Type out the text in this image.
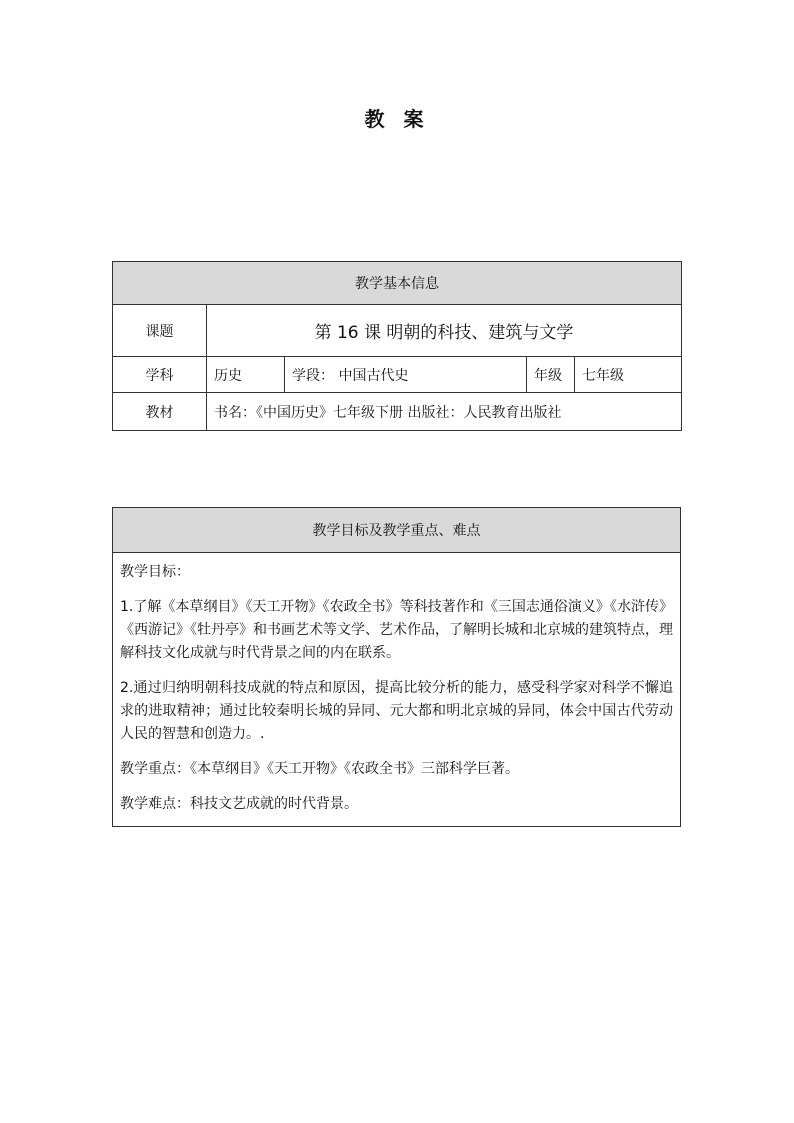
教 案
教学基本信息				
课题	第 16 课 明朝的科技、建筑与文学			
学科	历史	学段： 中国古代史	年级	七年级
教材	书名：《中国历史》七年级下册 出版社：人民教育出版社			
教学目标及教学重点、难点

教学目标：

1.了解《本草纲目》《天工开物》《农政全书》等科技著作和《三国志通俗演义》《水浒传》《西游记》《牡丹亭》和书画艺术等文学、艺术作品，了解明长城和北京城的建筑特点，理解科技文化成就与时代背景之间的内在联系。

2.通过归纳明朝科技成就的特点和原因，提高比较分析的能力，感受科学家对科学不懈追求的进取精神；通过比较秦明长城的异同、元大都和明北京城的异同，体会中国古代劳动人民的智慧和创造力。.

教学重点：《本草纲目》《天工开物》《农政全书》三部科学巨著。

教学难点：科技文艺成就的时代背景。
